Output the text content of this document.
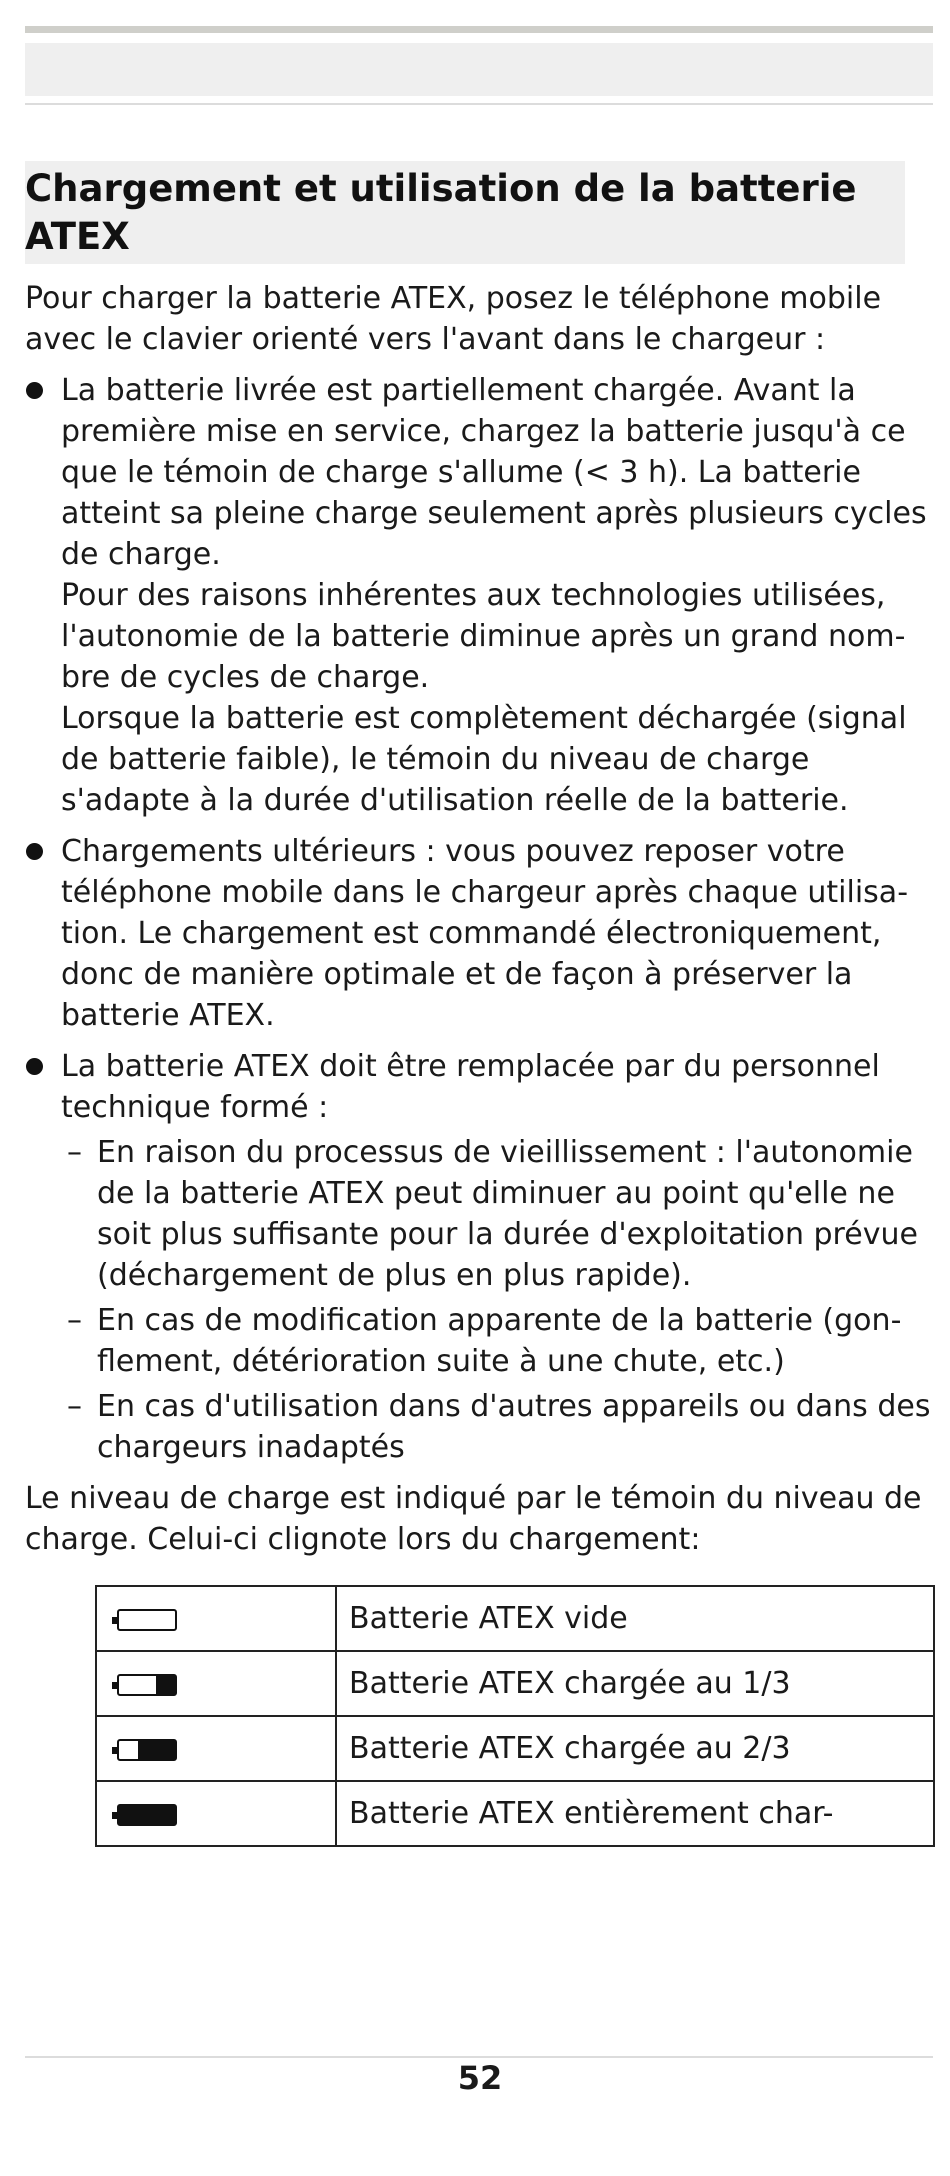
Chargement et utilisation de la batterie ATEX

Pour charger la batterie ATEX, posez le téléphone mobile avec le clavier orienté vers l'avant dans le chargeur :

La batterie livrée est partiellement chargée. Avant la première mise en service, chargez la batterie jusqu'à ce que le témoin de charge s'allume (< 3 h). La batterie atteint sa pleine charge seulement après plusieurs cycles de charge.

Pour des raisons inhérentes aux technologies utilisées, l'autonomie de la batterie diminue après un grand nombre de cycles de charge.

Lorsque la batterie est complètement déchargée (signal de batterie faible), le témoin du niveau de charge s'adapte à la durée d'utilisation réelle de la batterie.

Chargements ultérieurs : vous pouvez reposer votre téléphone mobile dans le chargeur après chaque utilisation. Le chargement est commandé électroniquement, donc de manière optimale et de façon à préserver la batterie ATEX.

La batterie ATEX doit être remplacée par du personnel technique formé :

– En raison du processus de vieillissement : l'autonomie de la batterie ATEX peut diminuer au point qu'elle ne soit plus suffisante pour la durée d'exploitation prévue (déchargement de plus en plus rapide).

– En cas de modification apparente de la batterie (gonflement, détérioration suite à une chute, etc.)

– En cas d'utilisation dans d'autres appareils ou dans des chargeurs inadaptés

Le niveau de charge est indiqué par le témoin du niveau de charge. Celui-ci clignote lors du chargement:

	Batterie ATEX vide

	Batterie ATEX chargée au 1/3

	Batterie ATEX chargée au 2/3

	Batterie ATEX entièrement char-
52
